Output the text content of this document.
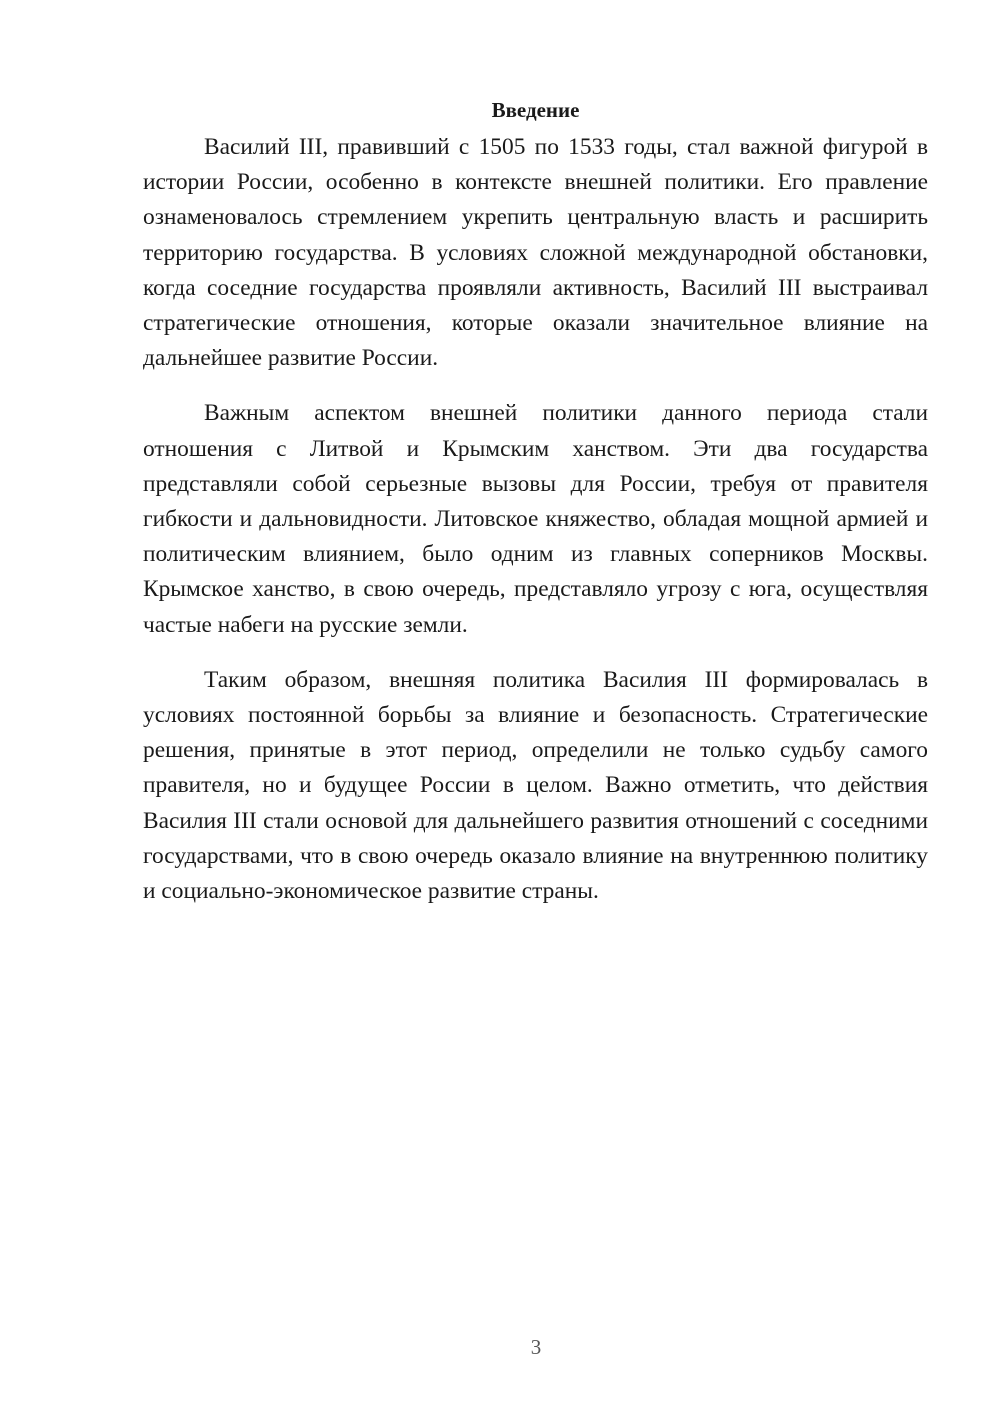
Введение

Василий III, правивший с 1505 по 1533 годы, стал важной фигурой в истории России, особенно в контексте внешней политики. Его правление ознаменовалось стремлением укрепить центральную власть и расширить территорию государства. В условиях сложной международной обстановки, когда соседние государства проявляли активность, Василий III выстраивал стратегические отношения, которые оказали значительное влияние на дальнейшее развитие России.

Важным аспектом внешней политики данного периода стали отношения с Литвой и Крымским ханством. Эти два государства представляли собой серьезные вызовы для России, требуя от правителя гибкости и дальновидности. Литовское княжество, обладая мощной армией и политическим влиянием, было одним из главных соперников Москвы. Крымское ханство, в свою очередь, представляло угрозу с юга, осуществляя частые набеги на русские земли.

Таким образом, внешняя политика Василия III формировалась в условиях постоянной борьбы за влияние и безопасность. Стратегические решения, принятые в этот период, определили не только судьбу самого правителя, но и будущее России в целом. Важно отметить, что действия Василия III стали основой для дальнейшего развития отношений с соседними государствами, что в свою очередь оказало влияние на внутреннюю политику и социально-экономическое развитие страны.

3
